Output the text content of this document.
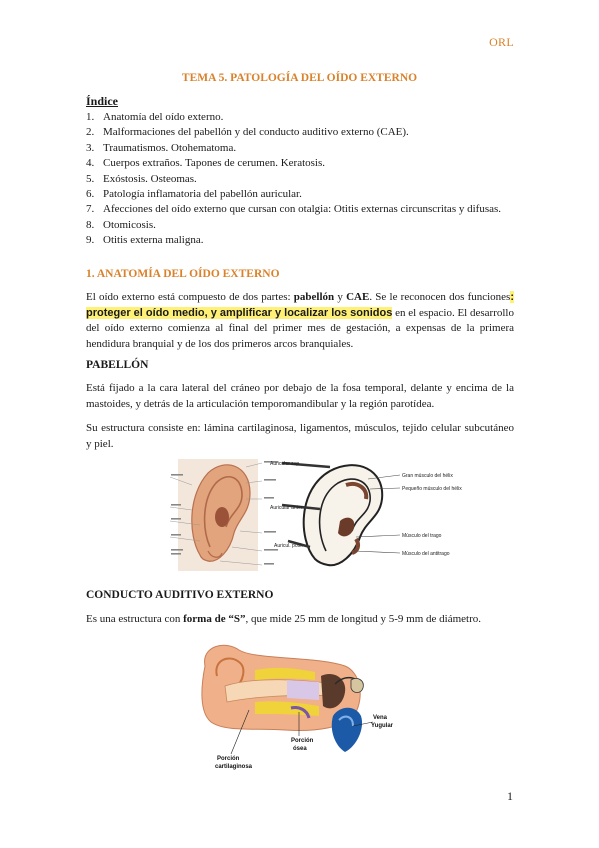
ORL
TEMA 5. PATOLOGÍA DEL OÍDO EXTERNO
Índice
1. Anatomía del oído externo.
2. Malformaciones del pabellón y del conducto auditivo externo (CAE).
3. Traumatismos. Otohematoma.
4. Cuerpos extraños. Tapones de cerumen. Keratosis.
5. Exóstosis. Osteomas.
6. Patología inflamatoria del pabellón auricular.
7. Afecciones del oído externo que cursan con otalgia: Otitis externas circunscritas y difusas.
8. Otomicosis.
9. Otitis externa maligna.
1. ANATOMÍA DEL OÍDO EXTERNO

El oído externo está compuesto de dos partes: pabellón y CAE. Se le reconocen dos funciones: proteger el oído medio, y amplificar y localizar los sonidos en el espacio. El desarrollo del oído externo comienza al final del primer mes de gestación, a expensas de la primera hendidura branquial y de los dos primeros arcos branquiales.

PABELLÓN

Está fijado a la cara lateral del cráneo por debajo de la fosa temporal, delante y encima de la mastoides, y detrás de la articulación temporomandibular y la región parotídea.

Su estructura consiste en: lámina cartilaginosa, ligamentos, músculos, tejido celular subcutáneo y piel.

Auricular sup.
Auricular anter.
Auricul. post.
Gran músculo del hélix
Pequeño músculo del hélix
Músculo del trago
Músculo del antitrago
CONDUCTO AUDITIVO EXTERNO

Es una estructura con forma de “S”, que mide 25 mm de longitud y 5-9 mm de diámetro.

Vena
Yugular
Porción
ósea
Porción
cartilaginosa
1
